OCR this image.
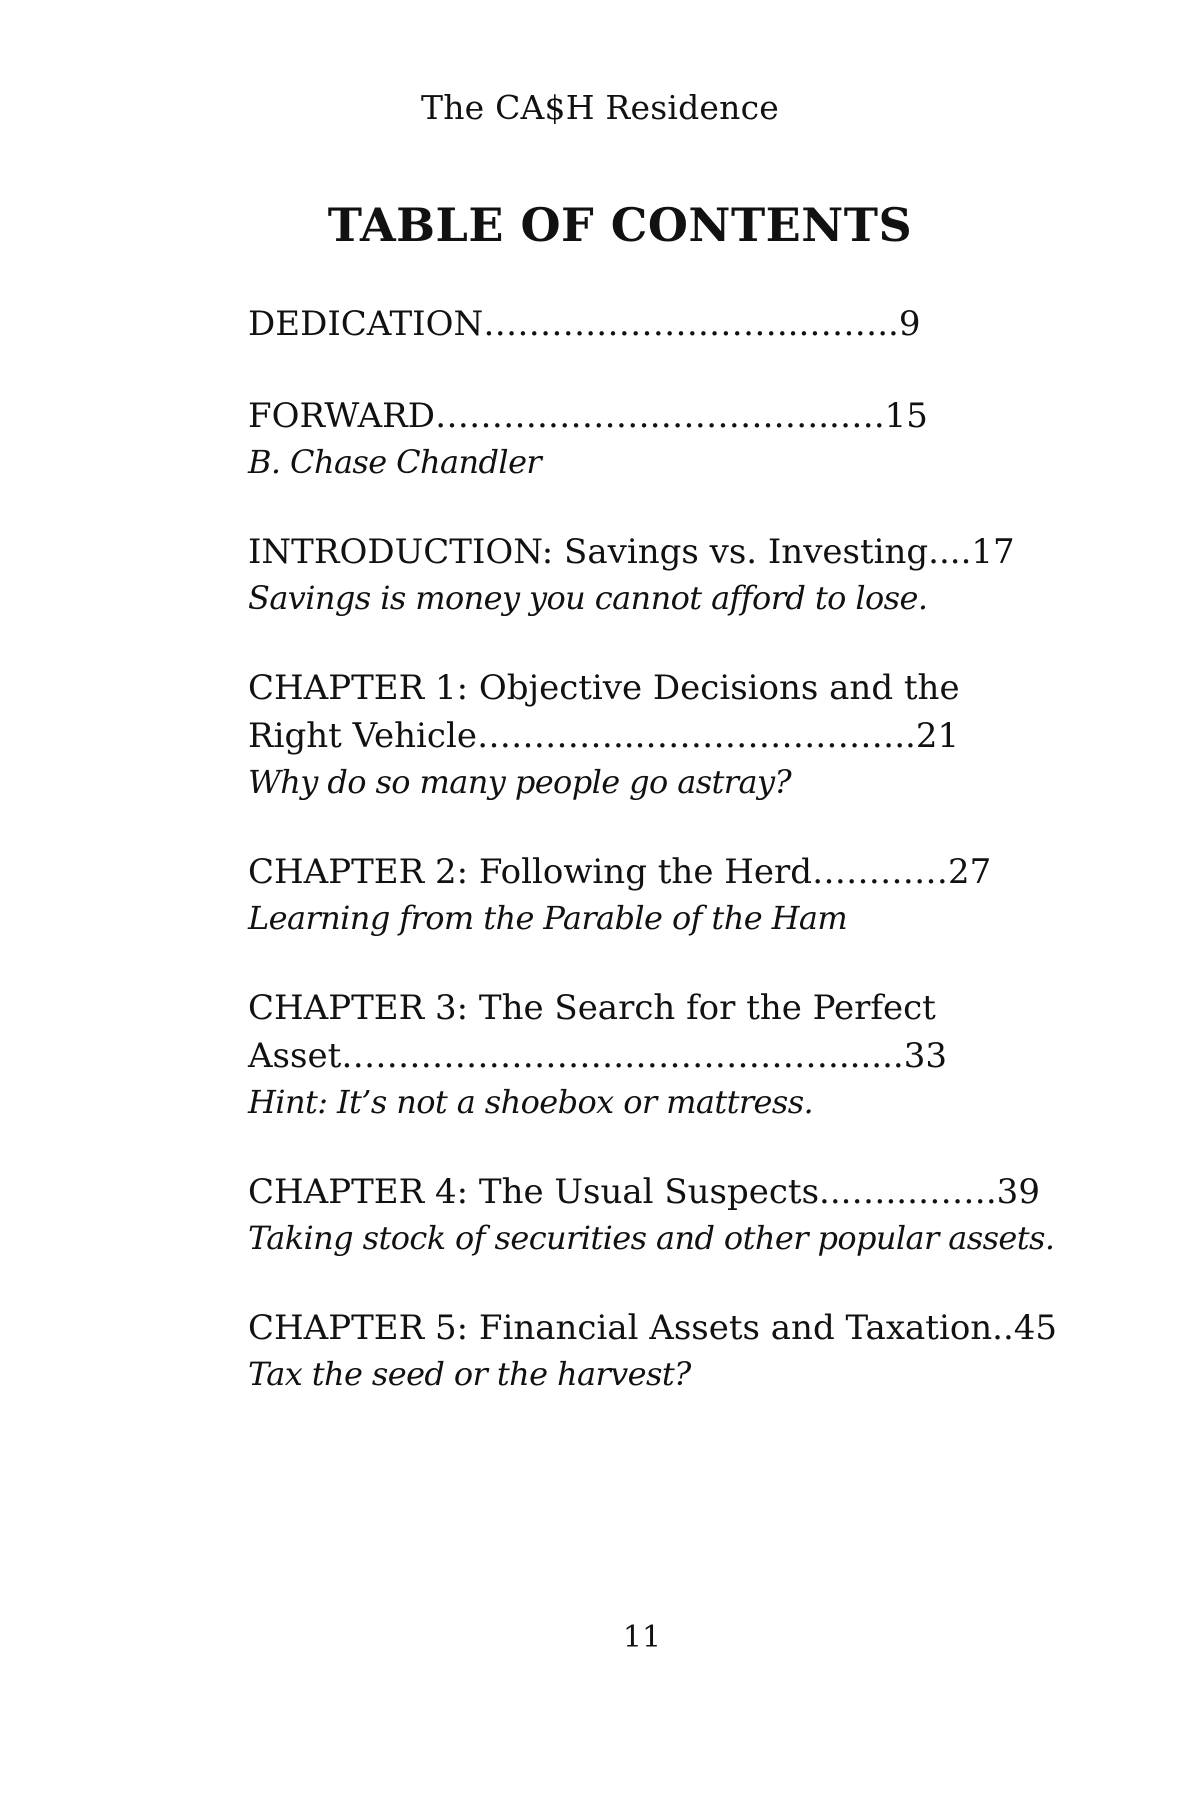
The CA$H Residence
TABLE OF CONTENTS
DEDICATION……….……….……...……..9
FORWARD……….……….……….…...….15
B. Chase Chandler
INTRODUCTION: Savings vs. Investing....17
Savings is money you cannot afford to lose.
CHAPTER 1: Objective Decisions and the
Right Vehicle…………...…………….……..21
Why do so many people go astray?
CHAPTER 2: Following the Herd…………27
Learning from the Parable of the Ham
CHAPTER 3: The Search for the Perfect
Asset…………………….……………….......33
Hint: It’s not a shoebox or mattress.
CHAPTER 4: The Usual Suspects...…...…….39
Taking stock of securities and other popular assets.
CHAPTER 5: Financial Assets and Taxation..45
Tax the seed or the harvest?
11
